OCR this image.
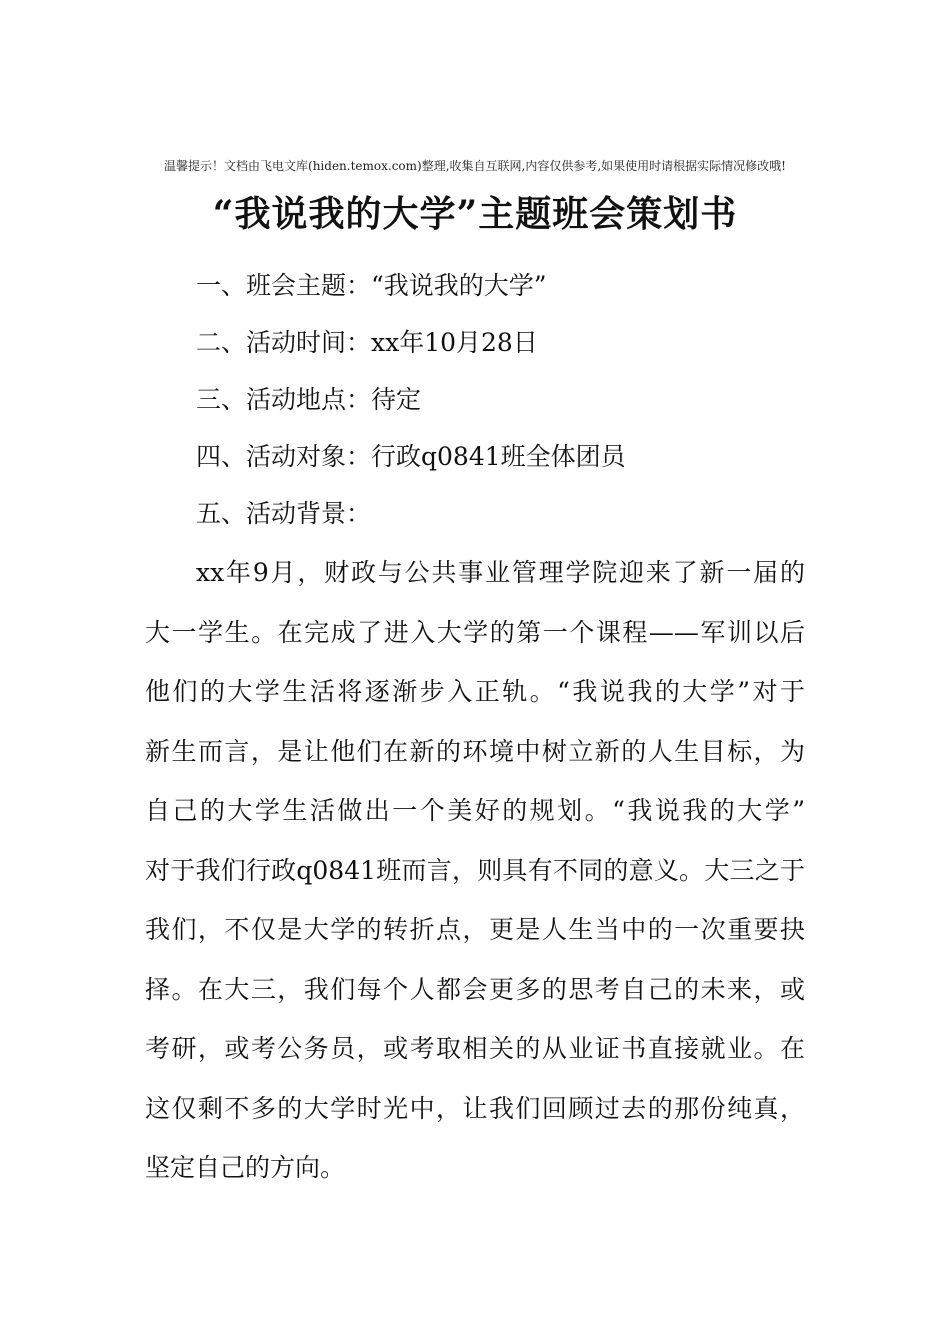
温馨提示！文档由飞电文库(hiden.temox.com)整理,收集自互联网,内容仅供参考,如果使用时请根据实际情况修改哦!
“我说我的大学”主题班会策划书
一、班会主题：“我说我的大学”
二、活动时间：xx年10月28日
三、活动地点：待定
四、活动对象：行政q0841班全体团员
五、活动背景：

xx年9月，财政与公共事业管理学院迎来了新一届的
大一学生。在完成了进入大学的第一个课程——军训以后
他们的大学生活将逐渐步入正轨。“我说我的大学”对于
新生而言，是让他们在新的环境中树立新的人生目标，为
自己的大学生活做出一个美好的规划。“我说我的大学”
对于我们行政q0841班而言，则具有不同的意义。大三之于
我们，不仅是大学的转折点，更是人生当中的一次重要抉
择。在大三，我们每个人都会更多的思考自己的未来，或
考研，或考公务员，或考取相关的从业证书直接就业。在
这仅剩不多的大学时光中，让我们回顾过去的那份纯真，
坚定自己的方向。
